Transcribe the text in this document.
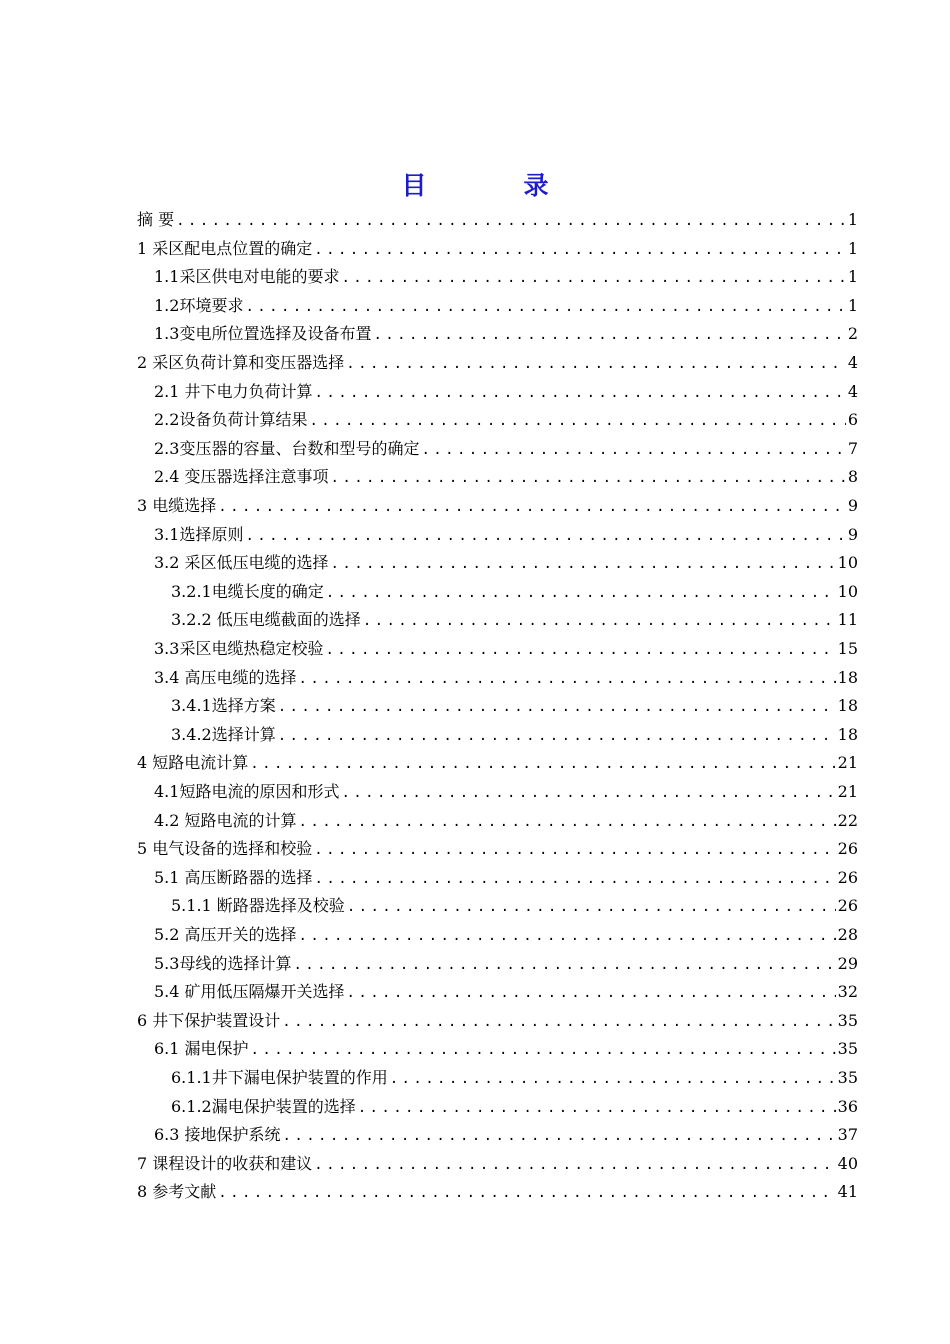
目　录
摘 要 .....	1
1 采区配电点位置的确定 .....	1
1.1采区供电对电能的要求 .....	1
1.2环境要求 .....	1
1.3变电所位置选择及设备布置 .....	2
2 采区负荷计算和变压器选择 .....	4
2.1 井下电力负荷计算 .....	4
2.2设备负荷计算结果 .....	6
2.3变压器的容量、台数和型号的确定 .....	7
2.4 变压器选择注意事项 .....	8
3 电缆选择 .....	9
3.1选择原则 .....	9
3.2 采区低压电缆的选择 .....	10
3.2.1电缆长度的确定 .....	10
3.2.2 低压电缆截面的选择 .....	11
3.3采区电缆热稳定校验 .....	15
3.4 高压电缆的选择 .....	18
3.4.1选择方案 .....	18
3.4.2选择计算 .....	18
4 短路电流计算 .....	21
4.1短路电流的原因和形式 .....	21
4.2 短路电流的计算 .....	22
5 电气设备的选择和校验 .....	26
5.1 高压断路器的选择 .....	26
5.1.1 断路器选择及校验 .....	26
5.2 高压开关的选择 .....	28
5.3母线的选择计算 .....	29
5.4 矿用低压隔爆开关选择 .....	32
6 井下保护装置设计 .....	35
6.1 漏电保护 .....	35
6.1.1井下漏电保护装置的作用 .....	35
6.1.2漏电保护装置的选择 .....	36
6.3 接地保护系统 .....	37
7 课程设计的收获和建议 .....	40
8 参考文献 .....	41
